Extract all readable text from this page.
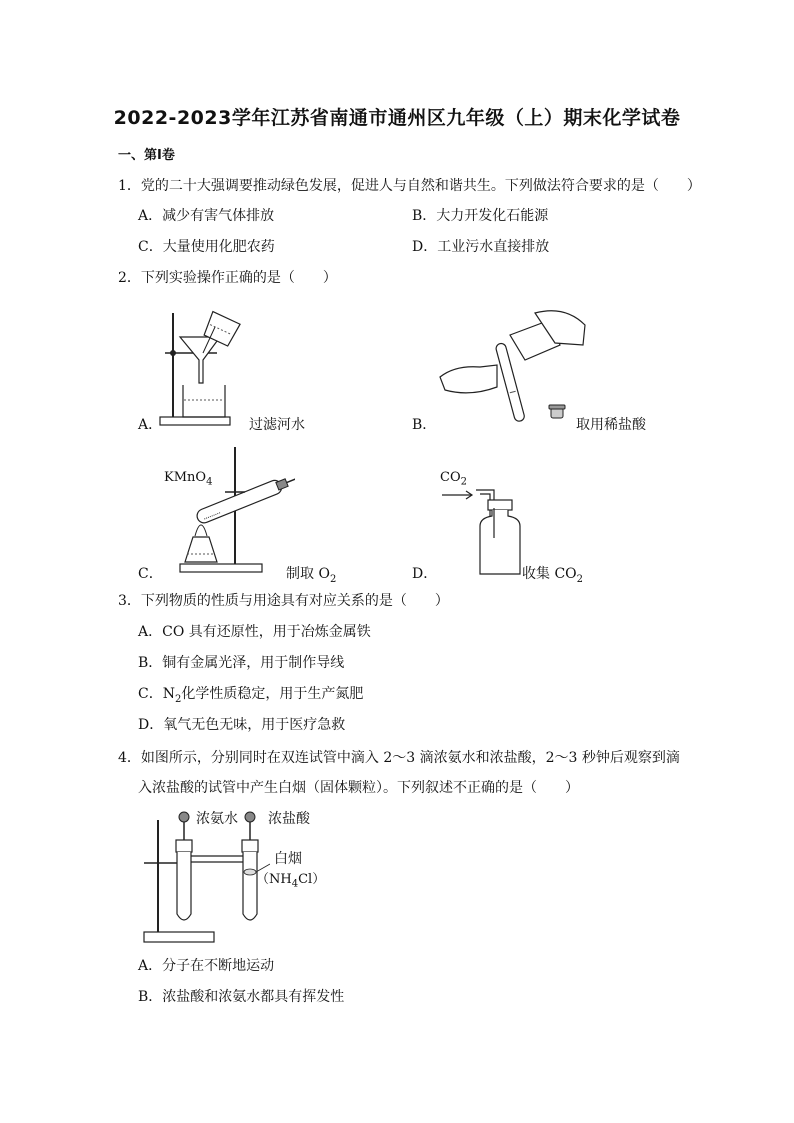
2022-2023学年江苏省南通市通州区九年级（上）期末化学试卷
一、第Ⅰ卷
1．党的二十大强调要推动绿色发展，促进人与自然和谐共生。下列做法符合要求的是（　　）
A．减少有害气体排放	B．大力开发化石能源
C．大量使用化肥农药	D．工业污水直接排放
2．下列实验操作正确的是（　　）
A．	过滤河水	B．	取用稀盐酸
KMnO$_4$
C．	制取 $O_2$
$CO_2$
D．	收集 $CO_2$
3．下列物质的性质与用途具有对应关系的是（　　）
A．CO 具有还原性，用于冶炼金属铁
B．铜有金属光泽，用于制作导线
C．$N_2$化学性质稳定，用于生产氮肥
D．氧气无色无味，用于医疗急救
4．如图所示，分别同时在双连试管中滴入 2～3 滴浓氨水和浓盐酸，2～3 秒钟后观察到滴
入浓盐酸的试管中产生白烟（固体颗粒）。下列叙述不正确的是（　　）
浓氨水 浓盐酸
白烟
$(NH_4Cl)$
A．分子在不断地运动
B．浓盐酸和浓氨水都具有挥发性
